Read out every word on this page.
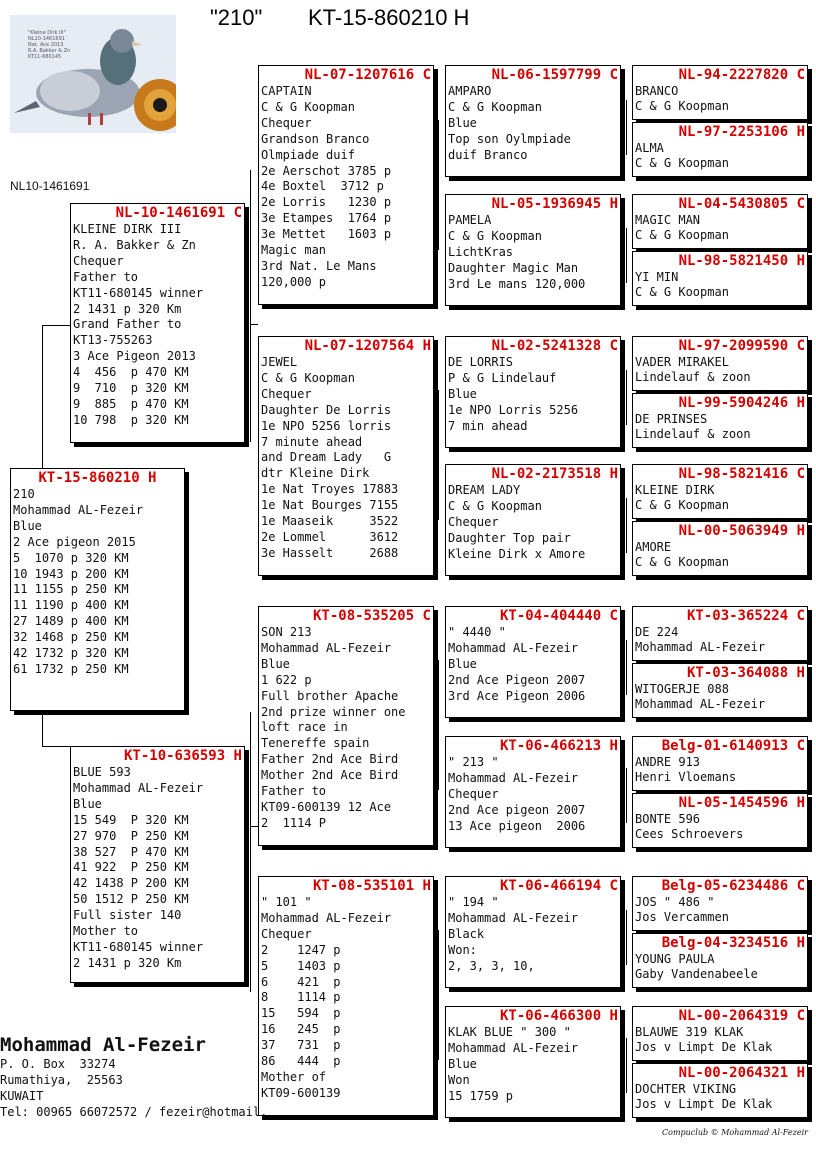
"210" KT-15-860210 H
"Kleine Dirk III"
NL10-1461691
Nat. Ace 2013
R.A. Bakker & Zn
KT11-680145
NL10-1461691
KT-15-860210 H
210
Mohammad AL-Fezeir
Blue
2 Ace pigeon 2015
5  1070 p 320 KM
10 1943 p 200 KM
11 1155 p 250 KM
11 1190 p 400 KM
27 1489 p 400 KM
32 1468 p 250 KM
42 1732 p 320 KM
61 1732 p 250 KM
NL-10-1461691 C
KLEINE DIRK III
R. A. Bakker & Zn
Chequer
Father to
KT11-680145 winner
2 1431 p 320 Km
Grand Father to
KT13-755263
3 Ace Pigeon 2013
4  456  p 470 KM
9  710  p 320 KM
9  885  p 470 KM
10 798  p 320 KM
KT-10-636593 H
BLUE 593
Mohammad AL-Fezeir
Blue
15 549  P 320 KM
27 970  P 250 KM
38 527  P 470 KM
41 922  P 250 KM
42 1438 P 200 KM
50 1512 P 250 KM
Full sister 140
Mother to
KT11-680145 winner
2 1431 p 320 Km
NL-07-1207616 C
CAPTAIN
C & G Koopman
Chequer
Grandson Branco
Olmpiade duif
2e Aerschot 3785 p
4e Boxtel  3712 p
2e Lorris   1230 p
3e Etampes  1764 p
3e Mettet   1603 p
Magic man
3rd Nat. Le Mans
120,000 p
NL-07-1207564 H
JEWEL
C & G Koopman
Chequer
Daughter De Lorris
1e NPO 5256 lorris
7 minute ahead
and Dream Lady   G
dtr Kleine Dirk
1e Nat Troyes 17883
1e Nat Bourges 7155
1e Maaseik     3522
2e Lommel      3612
3e Hasselt     2688
KT-08-535205 C
SON 213
Mohammad AL-Fezeir
Blue
1 622 p
Full brother Apache
2nd prize winner one
loft race in
Tenereffe spain
Father 2nd Ace Bird
Mother 2nd Ace Bird
Father to
KT09-600139 12 Ace
2  1114 P
KT-08-535101 H
" 101 "
Mohammad AL-Fezeir
Chequer
2    1247 p
5    1403 p
6    421  p
8    1114 p
15   594  p
16   245  p
37   731  p
86   444  p
Mother of
KT09-600139
NL-06-1597799 C
AMPARO
C & G Koopman
Blue
Top son Oylmpiade
duif Branco
NL-05-1936945 H
PAMELA
C & G Koopman
LichtKras
Daughter Magic Man
3rd Le mans 120,000
NL-02-5241328 C
DE LORRIS
P & G Lindelauf
Blue
1e NPO Lorris 5256
7 min ahead
NL-02-2173518 H
DREAM LADY
C & G Koopman
Chequer
Daughter Top pair
Kleine Dirk x Amore
KT-04-404440 C
" 4440 "
Mohammad AL-Fezeir
Blue
2nd Ace Pigeon 2007
3rd Ace Pigeon 2006
KT-06-466213 H
" 213 "
Mohammad AL-Fezeir
Chequer
2nd Ace pigeon 2007
13 Ace pigeon  2006
KT-06-466194 C
" 194 "
Mohammad AL-Fezeir
Black
Won:
2, 3, 3, 10,
KT-06-466300 H
KLAK BLUE " 300 "
Mohammad AL-Fezeir
Blue
Won
15 1759 p
NL-94-2227820 C
BRANCO
C & G Koopman
NL-97-2253106 H
ALMA
C & G Koopman
NL-04-5430805 C
MAGIC MAN
C & G Koopman
NL-98-5821450 H
YI MIN
C & G Koopman
NL-97-2099590 C
VADER MIRAKEL
Lindelauf & zoon
NL-99-5904246 H
DE PRINSES
Lindelauf & zoon
NL-98-5821416 C
KLEINE DIRK
C & G Koopman
NL-00-5063949 H
AMORE
C & G Koopman
KT-03-365224 C
DE 224
Mohammad AL-Fezeir
KT-03-364088 H
WITOGERJE 088
Mohammad AL-Fezeir
Belg-01-6140913 C
ANDRE 913
Henri Vloemans
NL-05-1454596 H
BONTE 596
Cees Schroevers
Belg-05-6234486 C
JOS " 486 "
Jos Vercammen
Belg-04-3234516 H
YOUNG PAULA
Gaby Vandenabeele
NL-00-2064319 C
BLAUWE 319 KLAK
Jos v Limpt De Klak
NL-00-2064321 H
DOCHTER VIKING
Jos v Limpt De Klak
Mohammad Al-Fezeir
P. O. Box  33274
Rumathiya,  25563
KUWAIT
Tel: 00965 66072572 / fezeir@hotmail.
Compuclub © Mohammad Al-Fezeir
